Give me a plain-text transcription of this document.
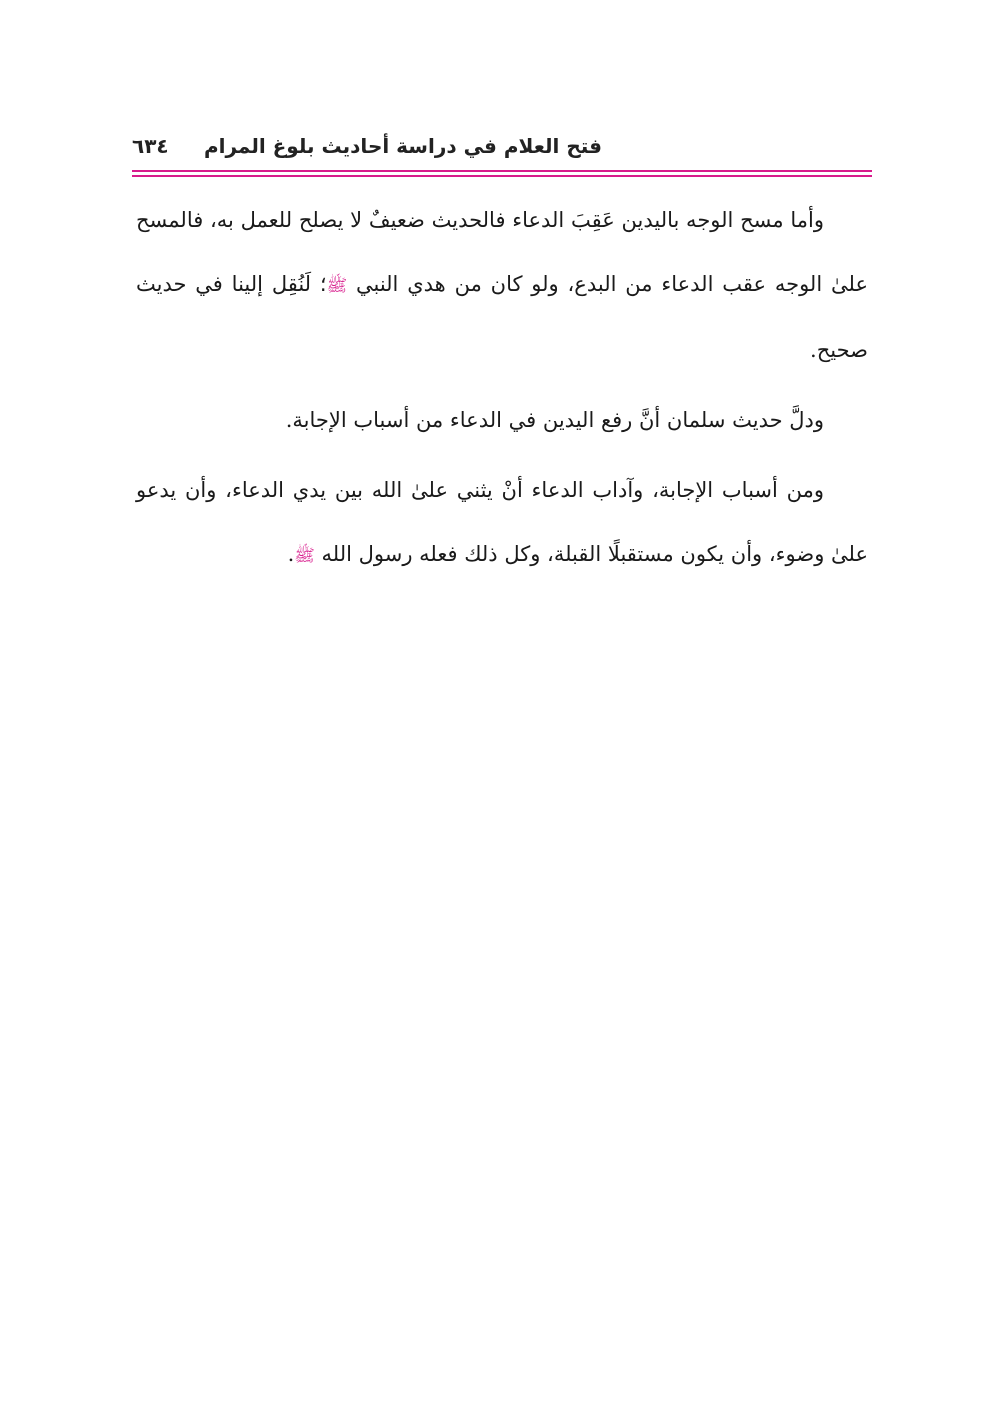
فتح العلام في دراسة أحاديث بلوغ المرام
٦٣٤

وأما مسح الوجه باليدين عَقِبَ الدعاء فالحديث ضعيفٌ لا يصلح للعمل به، فالمسح علىٰ الوجه عقب الدعاء من البدع، ولو كان من هدي النبي ﷺ؛ لَنُقِل إلينا في حديث صحيح.

ودلَّ حديث سلمان أنَّ رفع اليدين في الدعاء من أسباب الإجابة.

ومن أسباب الإجابة، وآداب الدعاء أنْ يثني علىٰ الله بين يدي الدعاء، وأن يدعو علىٰ وضوء، وأن يكون مستقبلًا القبلة، وكل ذلك فعله رسول الله ﷺ.
